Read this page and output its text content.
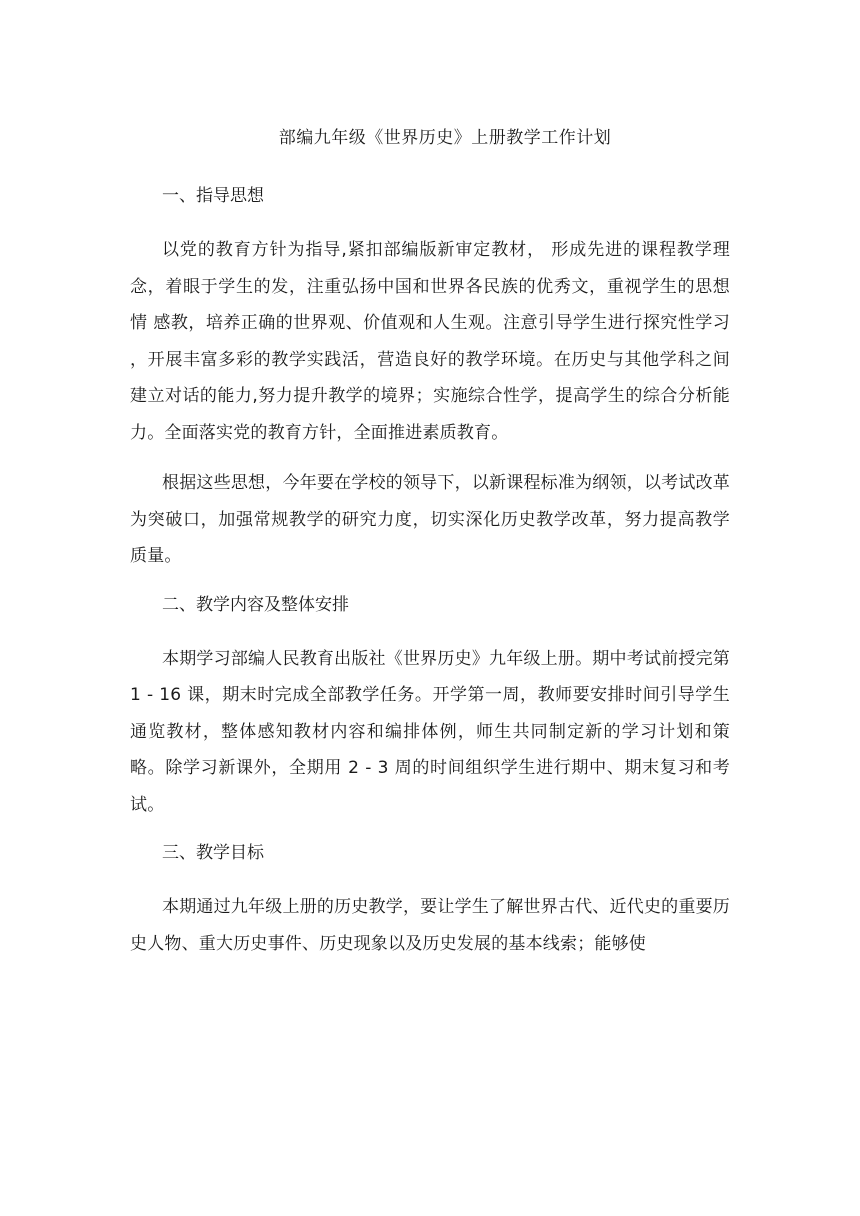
部编九年级《世界历史》上册教学工作计划
一、指导思想

以党的教育方针为指导,紧扣部编版新审定教材， 形成先进的课程教学理念，着眼于学生的发，注重弘扬中国和世界各民族的优秀文，重视学生的思想情 感教，培养正确的世界观、价值观和人生观。注意引导学生进行探究性学习 ，开展丰富多彩的教学实践活，营造良好的教学环境。在历史与其他学科之间建立对话的能力,努力提升教学的境界；实施综合性学，提高学生的综合分析能力。全面落实党的教育方针，全面推进素质教育。

根据这些思想，今年要在学校的领导下，以新课程标准为纲领，以考试改革为突破口，加强常规教学的研究力度，切实深化历史教学改革，努力提高教学质量。

二、教学内容及整体安排

本期学习部编人民教育出版社《世界历史》九年级上册。期中考试前授完第 1 - 16 课，期末时完成全部教学任务。开学第一周，教师要安排时间引导学生通览教材，整体感知教材内容和编排体例，师生共同制定新的学习计划和策略。除学习新课外，全期用 2 - 3 周的时间组织学生进行期中、期末复习和考试。

三、教学目标

本期通过九年级上册的历史教学，要让学生了解世界古代、近代史的重要历史人物、重大历史事件、历史现象以及历史发展的基本线索；能够使
